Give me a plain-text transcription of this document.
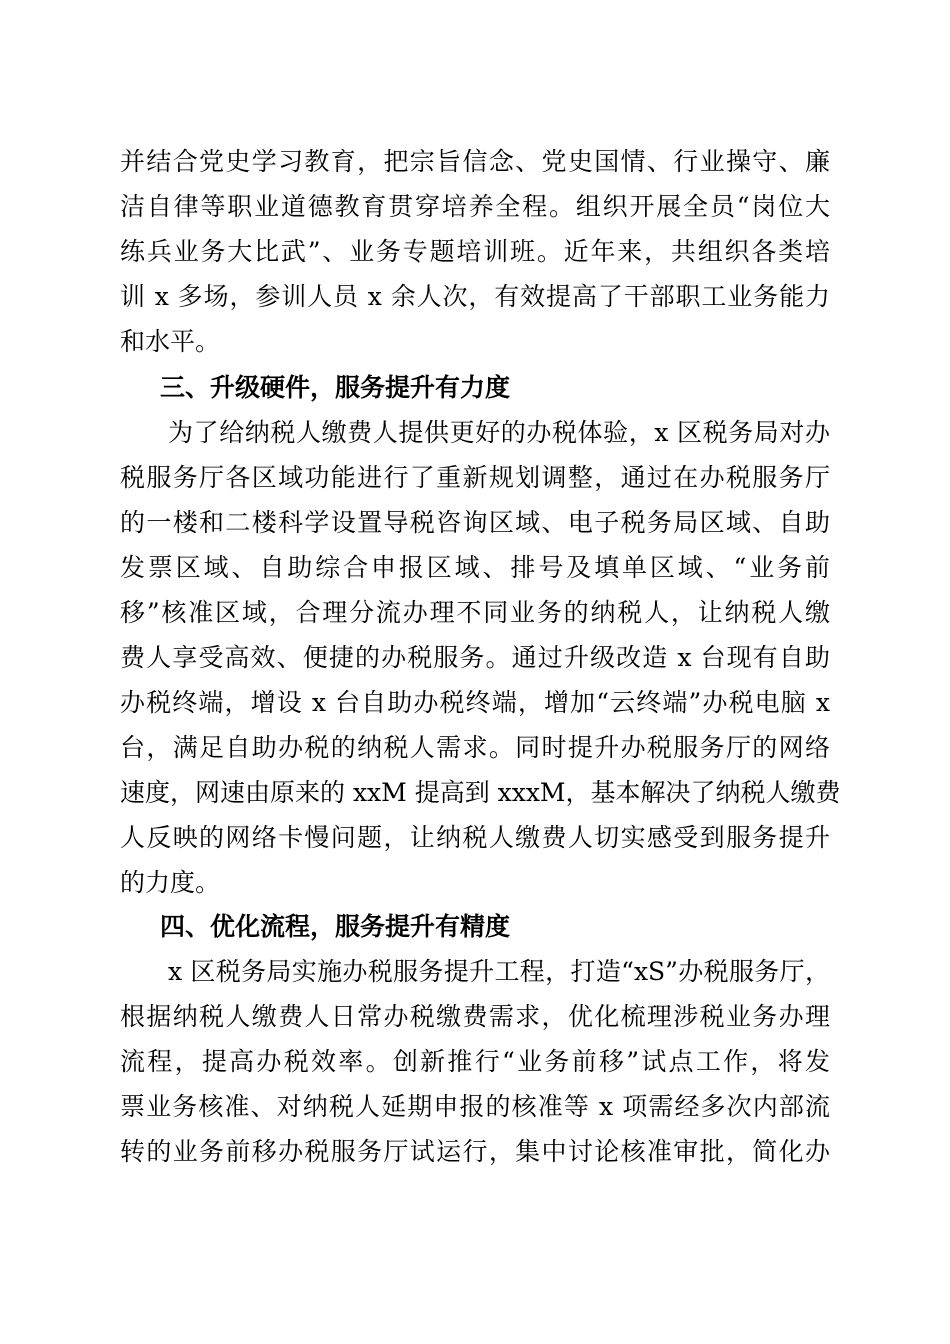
并结合党史学习教育，把宗旨信念、党史国情、行业操守、廉
洁自律等职业道德教育贯穿培养全程。组织开展全员“岗位大
练兵业务大比武”、业务专题培训班。近年来，共组织各类培
训 x 多场，参训人员 x 余人次，有效提高了干部职工业务能力
和水平。
三、升级硬件，服务提升有力度
为了给纳税人缴费人提供更好的办税体验，x 区税务局对办
税服务厅各区域功能进行了重新规划调整，通过在办税服务厅
的一楼和二楼科学设置导税咨询区域、电子税务局区域、自助
发票区域、自助综合申报区域、排号及填单区域、“业务前
移”核准区域，合理分流办理不同业务的纳税人，让纳税人缴
费人享受高效、便捷的办税服务。通过升级改造 x 台现有自助
办税终端，增设 x 台自助办税终端，增加“云终端”办税电脑 x
台，满足自助办税的纳税人需求。同时提升办税服务厅的网络
速度，网速由原来的 xxM 提高到 xxxM，基本解决了纳税人缴费
人反映的网络卡慢问题，让纳税人缴费人切实感受到服务提升
的力度。
四、优化流程，服务提升有精度
x 区税务局实施办税服务提升工程，打造“xS”办税服务厅，
根据纳税人缴费人日常办税缴费需求，优化梳理涉税业务办理
流程，提高办税效率。创新推行“业务前移”试点工作，将发
票业务核准、对纳税人延期申报的核准等 x 项需经多次内部流
转的业务前移办税服务厅试运行，集中讨论核准审批，简化办
